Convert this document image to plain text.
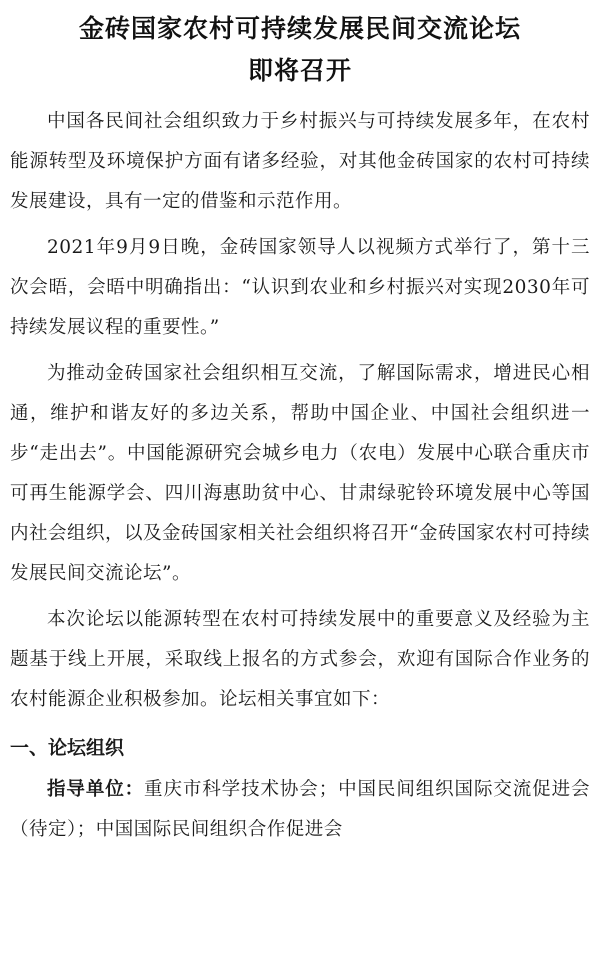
金砖国家农村可持续发展民间交流论坛
即将召开

中国各民间社会组织致力于乡村振兴与可持续发展多年，在农村能源转型及环境保护方面有诸多经验，对其他金砖国家的农村可持续发展建设，具有一定的借鉴和示范作用。

2021年9月9日晚，金砖国家领导人以视频方式举行了，第十三次会晤，会晤中明确指出：“认识到农业和乡村振兴对实现2030年可持续发展议程的重要性。”

为推动金砖国家社会组织相互交流，了解国际需求，增进民心相通，维护和谐友好的多边关系，帮助中国企业、中国社会组织进一步“走出去”。中国能源研究会城乡电力（农电）发展中心联合重庆市可再生能源学会、四川海惠助贫中心、甘肃绿驼铃环境发展中心等国内社会组织，以及金砖国家相关社会组织将召开“金砖国家农村可持续发展民间交流论坛”。

本次论坛以能源转型在农村可持续发展中的重要意义及经验为主题基于线上开展，采取线上报名的方式参会，欢迎有国际合作业务的农村能源企业积极参加。论坛相关事宜如下：

一、论坛组织

指导单位：重庆市科学技术协会；中国民间组织国际交流促进会（待定）；中国国际民间组织合作促进会
